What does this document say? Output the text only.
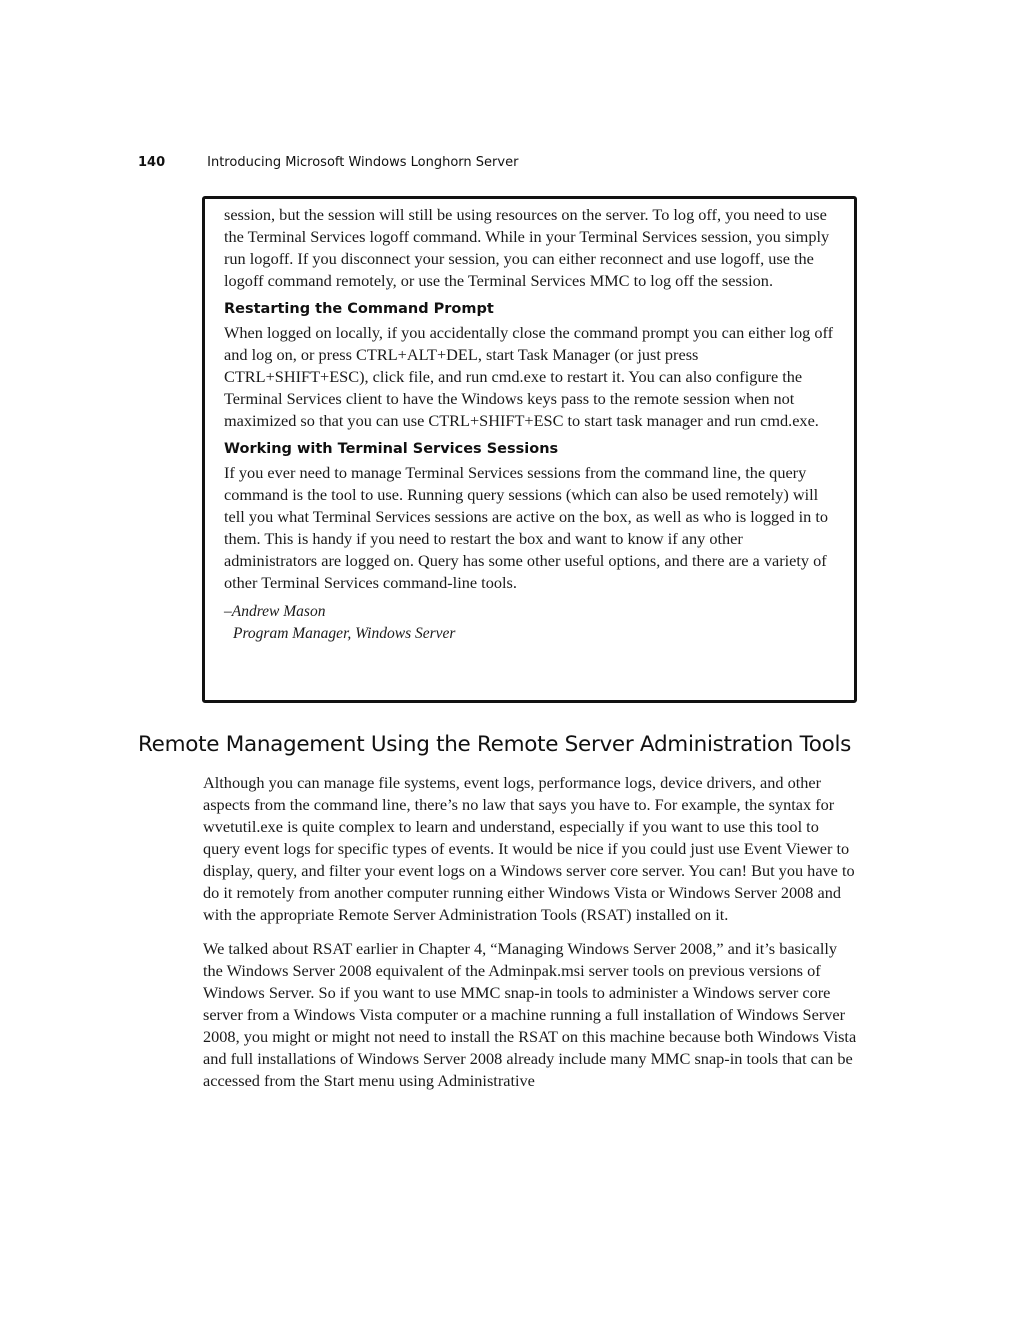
140	Introducing Microsoft Windows Longhorn Server

session, but the session will still be using resources on the server. To log off, you need to use the Terminal Services logoff command. While in your Terminal Services session, you simply run logoff. If you disconnect your session, you can either reconnect and use logoff, use the logoff command remotely, or use the Terminal Services MMC to log off the session.

Restarting the Command Prompt

When logged on locally, if you accidentally close the command prompt you can either log off and log on, or press CTRL+ALT+DEL, start Task Manager (or just press CTRL+SHIFT+ESC), click file, and run cmd.exe to restart it. You can also configure the Terminal Services client to have the Windows keys pass to the remote session when not maximized so that you can use CTRL+SHIFT+ESC to start task manager and run cmd.exe.

Working with Terminal Services Sessions

If you ever need to manage Terminal Services sessions from the command line, the query command is the tool to use. Running query sessions (which can also be used remotely) will tell you what Terminal Services sessions are active on the box, as well as who is logged in to them. This is handy if you need to restart the box and want to know if any other administrators are logged on. Query has some other useful options, and there are a variety of other Terminal Services command-line tools.

–Andrew Mason
Program Manager, Windows Server
Remote Management Using the Remote Server Administration Tools

Although you can manage file systems, event logs, performance logs, device drivers, and other aspects from the command line, there’s no law that says you have to. For example, the syntax for wvetutil.exe is quite complex to learn and understand, especially if you want to use this tool to query event logs for specific types of events. It would be nice if you could just use Event Viewer to display, query, and filter your event logs on a Windows server core server. You can! But you have to do it remotely from another computer running either Windows Vista or Windows Server 2008 and with the appropriate Remote Server Administration Tools (RSAT) installed on it.

We talked about RSAT earlier in Chapter 4, “Managing Windows Server 2008,” and it’s basically the Windows Server 2008 equivalent of the Adminpak.msi server tools on previous versions of Windows Server. So if you want to use MMC snap-in tools to administer a Windows server core server from a Windows Vista computer or a machine running a full installation of Windows Server 2008, you might or might not need to install the RSAT on this machine because both Windows Vista and full installations of Windows Server 2008 already include many MMC snap-in tools that can be accessed from the Start menu using Administrative
